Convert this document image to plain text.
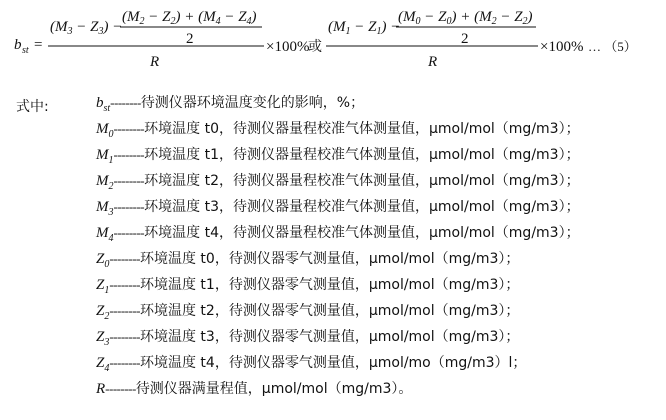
b st =
$(M_3 - Z_3)$ −
$(M_2 - Z_2) + (M_4 - Z_4)$
2
R
×100%
或
$(M_1 - Z_1)$ −
$(M_0 - Z_0) + (M_2 - Z_2)$
2
R
×100% … （5）
式中:	$b_{st}--------$待测仪器环境温度变化的影响，%；
$M_0--------$环境温度 t0，待测仪器量程校准气体测量值，μmol/mol（mg/m3）；
$M_1--------$环境温度 t1，待测仪器量程校准气体测量值，μmol/mol（mg/m3）；
$M_2--------$环境温度 t2，待测仪器量程校准气体测量值，μmol/mol（mg/m3）；
$M_3--------$环境温度 t3，待测仪器量程校准气体测量值，μmol/mol（mg/m3）；
$M_4--------$环境温度 t4，待测仪器量程校准气体测量值，μmol/mol（mg/m3）；
$Z_0--------$环境温度 t0，待测仪器零气测量值，μmol/mol（mg/m3）；
$Z_1--------$环境温度 t1，待测仪器零气测量值，μmol/mol（mg/m3）；
$Z_2--------$环境温度 t2，待测仪器零气测量值，μmol/mol（mg/m3）；
$Z_3--------$环境温度 t3，待测仪器零气测量值，μmol/mol（mg/m3）；
$Z_4--------$环境温度 t4，待测仪器零气测量值，μmol/mo（mg/m3）l；
R--------待测仪器满量程值，μmol/mol（mg/m3）。
